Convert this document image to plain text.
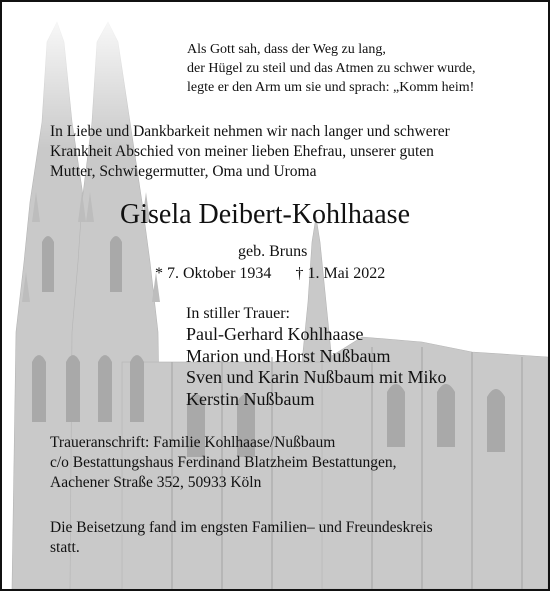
Als Gott sah, dass der Weg zu lang,
der Hügel zu steil und das Atmen zu schwer wurde,
legte er den Arm um sie und sprach: „Komm heim!
In Liebe und Dankbarkeit nehmen wir nach langer und schwerer
Krankheit Abschied von meiner lieben Ehefrau, unserer guten
Mutter, Schwiegermutter, Oma und Uroma
Gisela Deibert-Kohlhaase
geb. Bruns
* 7. Oktober 1934 † 1. Mai 2022
In stiller Trauer:
Paul-Gerhard Kohlhaase
Marion und Horst Nußbaum
Sven und Karin Nußbaum mit Miko
Kerstin Nußbaum
Traueranschrift: Familie Kohlhaase/Nußbaum
c/o Bestattungshaus Ferdinand Blatzheim Bestattungen,
Aachener Straße 352, 50933 Köln
Die Beisetzung fand im engsten Familien– und Freundeskreis
statt.
